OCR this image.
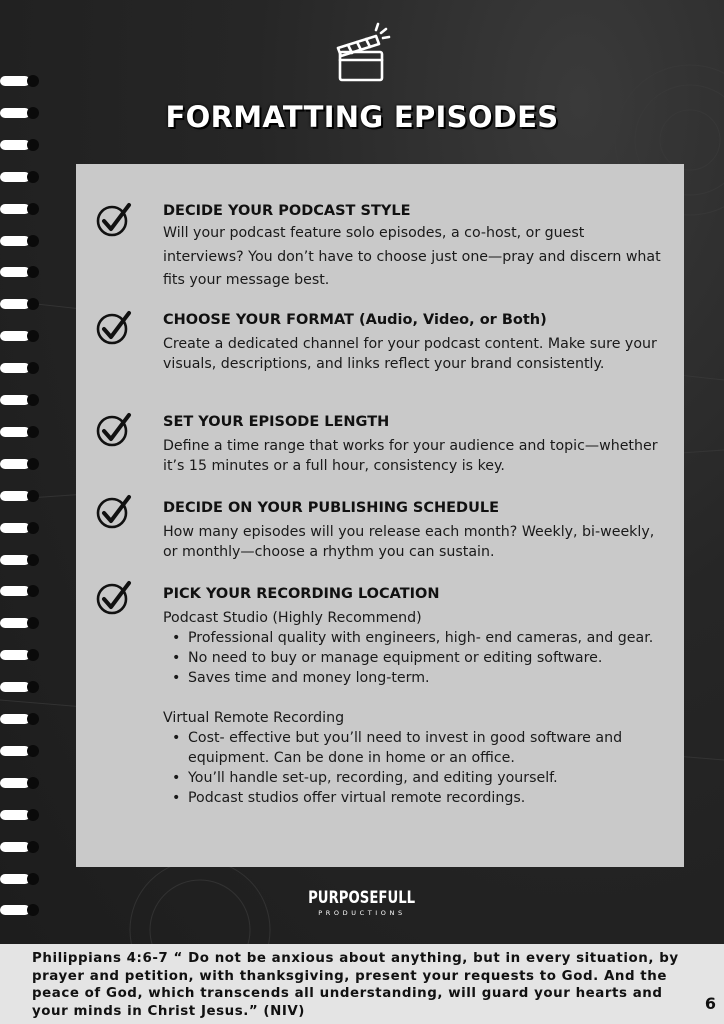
FORMATTING EPISODES
DECIDE YOUR PODCAST STYLE

Will your podcast feature solo episodes, a co-host, or guest interviews? You don’t have to choose just one—pray and discern what fits your message best.

CHOOSE YOUR FORMAT (Audio, Video, or Both)

Create a dedicated channel for your podcast content. Make sure your visuals, descriptions, and links reflect your brand consistently.

SET YOUR EPISODE LENGTH

Define a time range that works for your audience and topic—whether it’s 15 minutes or a full hour, consistency is key.

DECIDE ON YOUR PUBLISHING SCHEDULE

How many episodes will you release each month? Weekly, bi-weekly, or monthly—choose a rhythm you can sustain.

PICK YOUR RECORDING LOCATION

Podcast Studio (Highly Recommend)

• Professional quality with engineers, high- end cameras, and gear.
• No need to buy or manage equipment or editing software.
• Saves time and money long-term.

Virtual Remote Recording

• Cost- effective but you’ll need to invest in good software and equipment. Can be done in home or an office.
• You’ll handle set-up, recording, and editing yourself.
• Podcast studios offer virtual remote recordings.
PURPOSEFULL
PRODUCTIONS
Philippians 4:6-7 “ Do not be anxious about anything, but in every situation, by prayer and petition, with thanksgiving, present your requests to God. And the peace of God, which transcends all understanding, will guard your hearts and your minds in Christ Jesus.” (NIV)	6
